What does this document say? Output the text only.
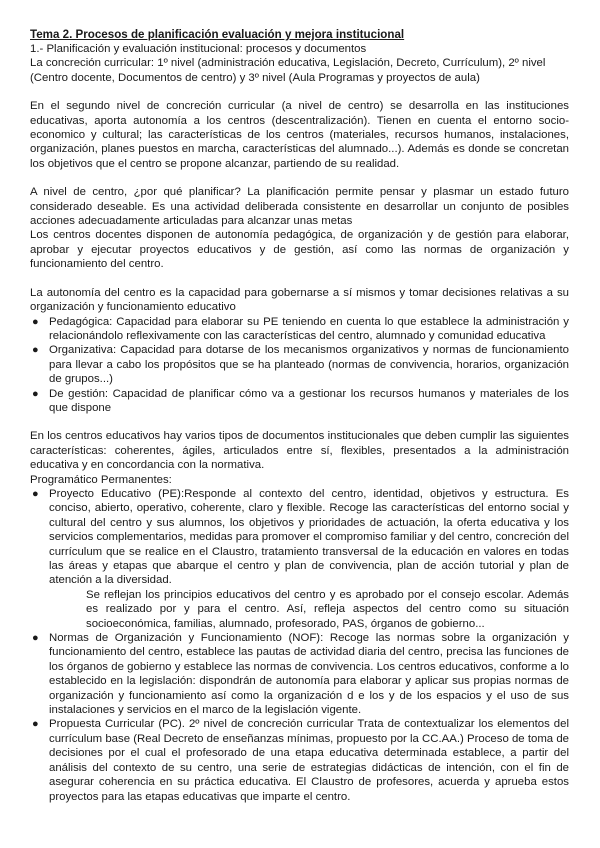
Tema 2. Procesos de planificación evaluación y mejora institucional

1.- Planificación y evaluación institucional: procesos y documentos

La concreción curricular: 1º nivel (administración educativa, Legislación, Decreto, Currículum), 2º nivel (Centro docente, Documentos de centro) y 3º nivel (Aula Programas y proyectos de aula)

En el segundo nivel de concreción curricular (a nivel de centro) se desarrolla en las instituciones educativas, aporta autonomía a los centros (descentralización). Tienen en cuenta el entorno socio-economico y cultural; las características de los centros (materiales, recursos humanos, instalaciones, organización, planes puestos en marcha, características del alumnado...). Además es donde se concretan los objetivos que el centro se propone alcanzar, partiendo de su realidad.

A nivel de centro, ¿por qué planificar? La planificación permite pensar y plasmar un estado futuro considerado deseable. Es una actividad deliberada consistente en desarrollar un conjunto de posibles acciones adecuadamente articuladas para alcanzar unas metas

Los centros docentes disponen de autonomía pedagógica, de organización y de gestión para elaborar, aprobar y ejecutar proyectos educativos y de gestión, así como las normas de organización y funcionamiento del centro.

La autonomía del centro es la capacidad para gobernarse a sí mismos y tomar decisiones relativas a su organización y funcionamiento educativo

● Pedagógica: Capacidad para elaborar su PE teniendo en cuenta lo que establece la administración y relacionándolo reflexivamente con las características del centro, alumnado y comunidad educativa
● Organizativa: Capacidad para dotarse de los mecanismos organizativos y normas de funcionamiento para llevar a cabo los propósitos que se ha planteado (normas de convivencia, horarios, organización de grupos...)
● De gestión: Capacidad de planificar cómo va a gestionar los recursos humanos y materiales de los que dispone

En los centros educativos hay varios tipos de documentos institucionales que deben cumplir las siguientes características: coherentes, ágiles, articulados entre sí, flexibles, presentados a la administración educativa y en concordancia con la normativa.

Programático Permanentes:

● Proyecto Educativo (PE):Responde al contexto del centro, identidad, objetivos y estructura. Es conciso, abierto, operativo, coherente, claro y flexible. Recoge las características del entorno social y cultural del centro y sus alumnos, los objetivos y prioridades de actuación, la oferta educativa y los servicios complementarios, medidas para promover el compromiso familiar y del centro, concreción del currículum que se realice en el Claustro, tratamiento transversal de la educación en valores en todas las áreas y etapas que abarque el centro y plan de convivencia, plan de acción tutorial y plan de atención a la diversidad.

Se reflejan los principios educativos del centro y es aprobado por el consejo escolar. Además es realizado por y para el centro. Así, refleja aspectos del centro como su situación socioeconómica, familias, alumnado, profesorado, PAS, órganos de gobierno...

● Normas de Organización y Funcionamiento (NOF): Recoge las normas sobre la organización y funcionamiento del centro, establece las pautas de actividad diaria del centro, precisa las funciones de los órganos de gobierno y establece las normas de convivencia. Los centros educativos, conforme a lo establecido en la legislación: dispondrán de autonomía para elaborar y aplicar sus propias normas de organización y funcionamiento así como la organización d e los y de los espacios y el uso de sus instalaciones y servicios en el marco de la legislación vigente.
● Propuesta Curricular (PC). 2º nivel de concreción curricular Trata de contextualizar los elementos del currículum base (Real Decreto de enseñanzas mínimas, propuesto por la CC.AA.) Proceso de toma de decisiones por el cual el profesorado de una etapa educativa determinada establece, a partir del análisis del contexto de su centro, una serie de estrategias didácticas de intención, con el fin de asegurar coherencia en su práctica educativa. El Claustro de profesores, acuerda y aprueba estos proyectos para las etapas educativas que imparte el centro.
